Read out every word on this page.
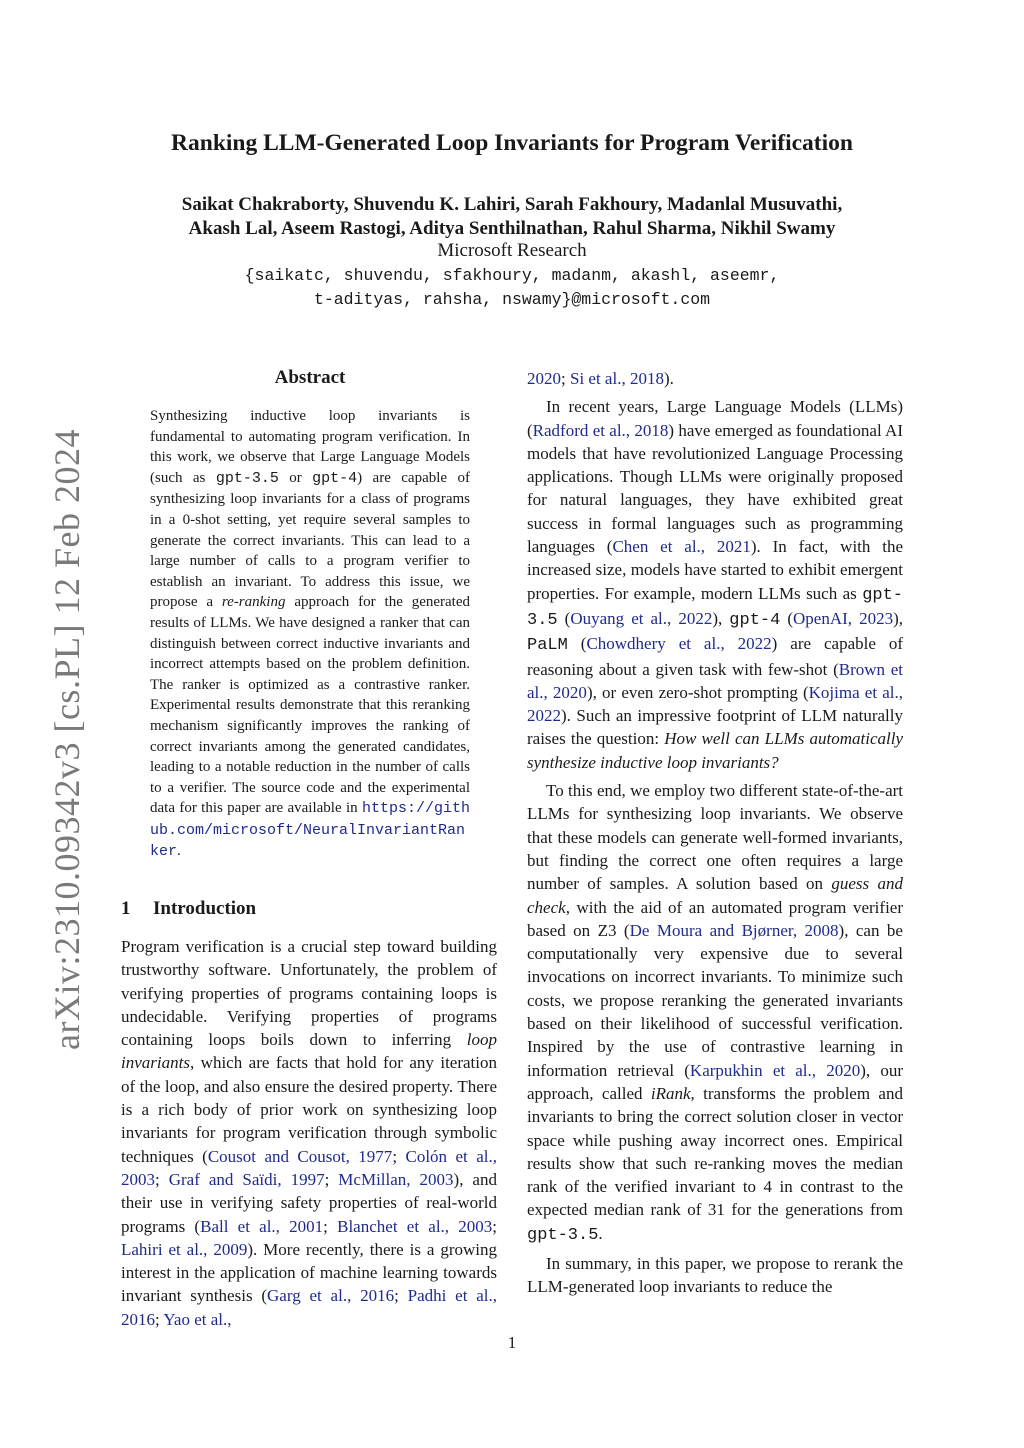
arXiv:2310.09342v3 [cs.PL] 12 Feb 2024
Ranking LLM-Generated Loop Invariants for Program Verification
Saikat Chakraborty, Shuvendu K. Lahiri, Sarah Fakhoury, Madanlal Musuvathi,
Akash Lal, Aseem Rastogi, Aditya Senthilnathan, Rahul Sharma, Nikhil Swamy
Microsoft Research
{saikatc, shuvendu, sfakhoury, madanm, akashl, aseemr,
t-adityas, rahsha, nswamy}@microsoft.com
Abstract
Synthesizing inductive loop invariants is fundamental to automating program verification. In this work, we observe that Large Language Models (such as gpt-3.5 or gpt-4) are capable of synthesizing loop invariants for a class of programs in a 0-shot setting, yet require several samples to generate the correct invariants. This can lead to a large number of calls to a program verifier to establish an invariant. To address this issue, we propose a re-ranking approach for the generated results of LLMs. We have designed a ranker that can distinguish between correct inductive invariants and incorrect attempts based on the problem definition. The ranker is optimized as a contrastive ranker. Experimental results demonstrate that this reranking mechanism significantly improves the ranking of correct invariants among the generated candidates, leading to a notable reduction in the number of calls to a verifier. The source code and the experimental data for this paper are available in https://github.com/microsoft/NeuralInvariantRanker.
1 Introduction

Program verification is a crucial step toward building trustworthy software. Unfortunately, the problem of verifying properties of programs containing loops is undecidable. Verifying properties of programs containing loops boils down to inferring loop invariants, which are facts that hold for any iteration of the loop, and also ensure the desired property. There is a rich body of prior work on synthesizing loop invariants for program verification through symbolic techniques (Cousot and Cousot, 1977; Colón et al., 2003; Graf and Saïdi, 1997; McMillan, 2003), and their use in verifying safety properties of real-world programs (Ball et al., 2001; Blanchet et al., 2003; Lahiri et al., 2009). More recently, there is a growing interest in the application of machine learning towards invariant synthesis (Garg et al., 2016; Padhi et al., 2016; Yao et al.,

2020; Si et al., 2018).

In recent years, Large Language Models (LLMs) (Radford et al., 2018) have emerged as foundational AI models that have revolutionized Language Processing applications. Though LLMs were originally proposed for natural languages, they have exhibited great success in formal languages such as programming languages (Chen et al., 2021). In fact, with the increased size, models have started to exhibit emergent properties. For example, modern LLMs such as gpt-3.5 (Ouyang et al., 2022), gpt-4 (OpenAI, 2023), PaLM (Chowdhery et al., 2022) are capable of reasoning about a given task with few-shot (Brown et al., 2020), or even zero-shot prompting (Kojima et al., 2022). Such an impressive footprint of LLM naturally raises the question: How well can LLMs automatically synthesize inductive loop invariants?

To this end, we employ two different state-of-the-art LLMs for synthesizing loop invariants. We observe that these models can generate well-formed invariants, but finding the correct one often requires a large number of samples. A solution based on guess and check, with the aid of an automated program verifier based on Z3 (De Moura and Bjørner, 2008), can be computationally very expensive due to several invocations on incorrect invariants. To minimize such costs, we propose reranking the generated invariants based on their likelihood of successful verification. Inspired by the use of contrastive learning in information retrieval (Karpukhin et al., 2020), our approach, called iRank, transforms the problem and invariants to bring the correct solution closer in vector space while pushing away incorrect ones. Empirical results show that such re-ranking moves the median rank of the verified invariant to 4 in contrast to the expected median rank of 31 for the generations from gpt-3.5.

In summary, in this paper, we propose to rerank the LLM-generated loop invariants to reduce the

1
